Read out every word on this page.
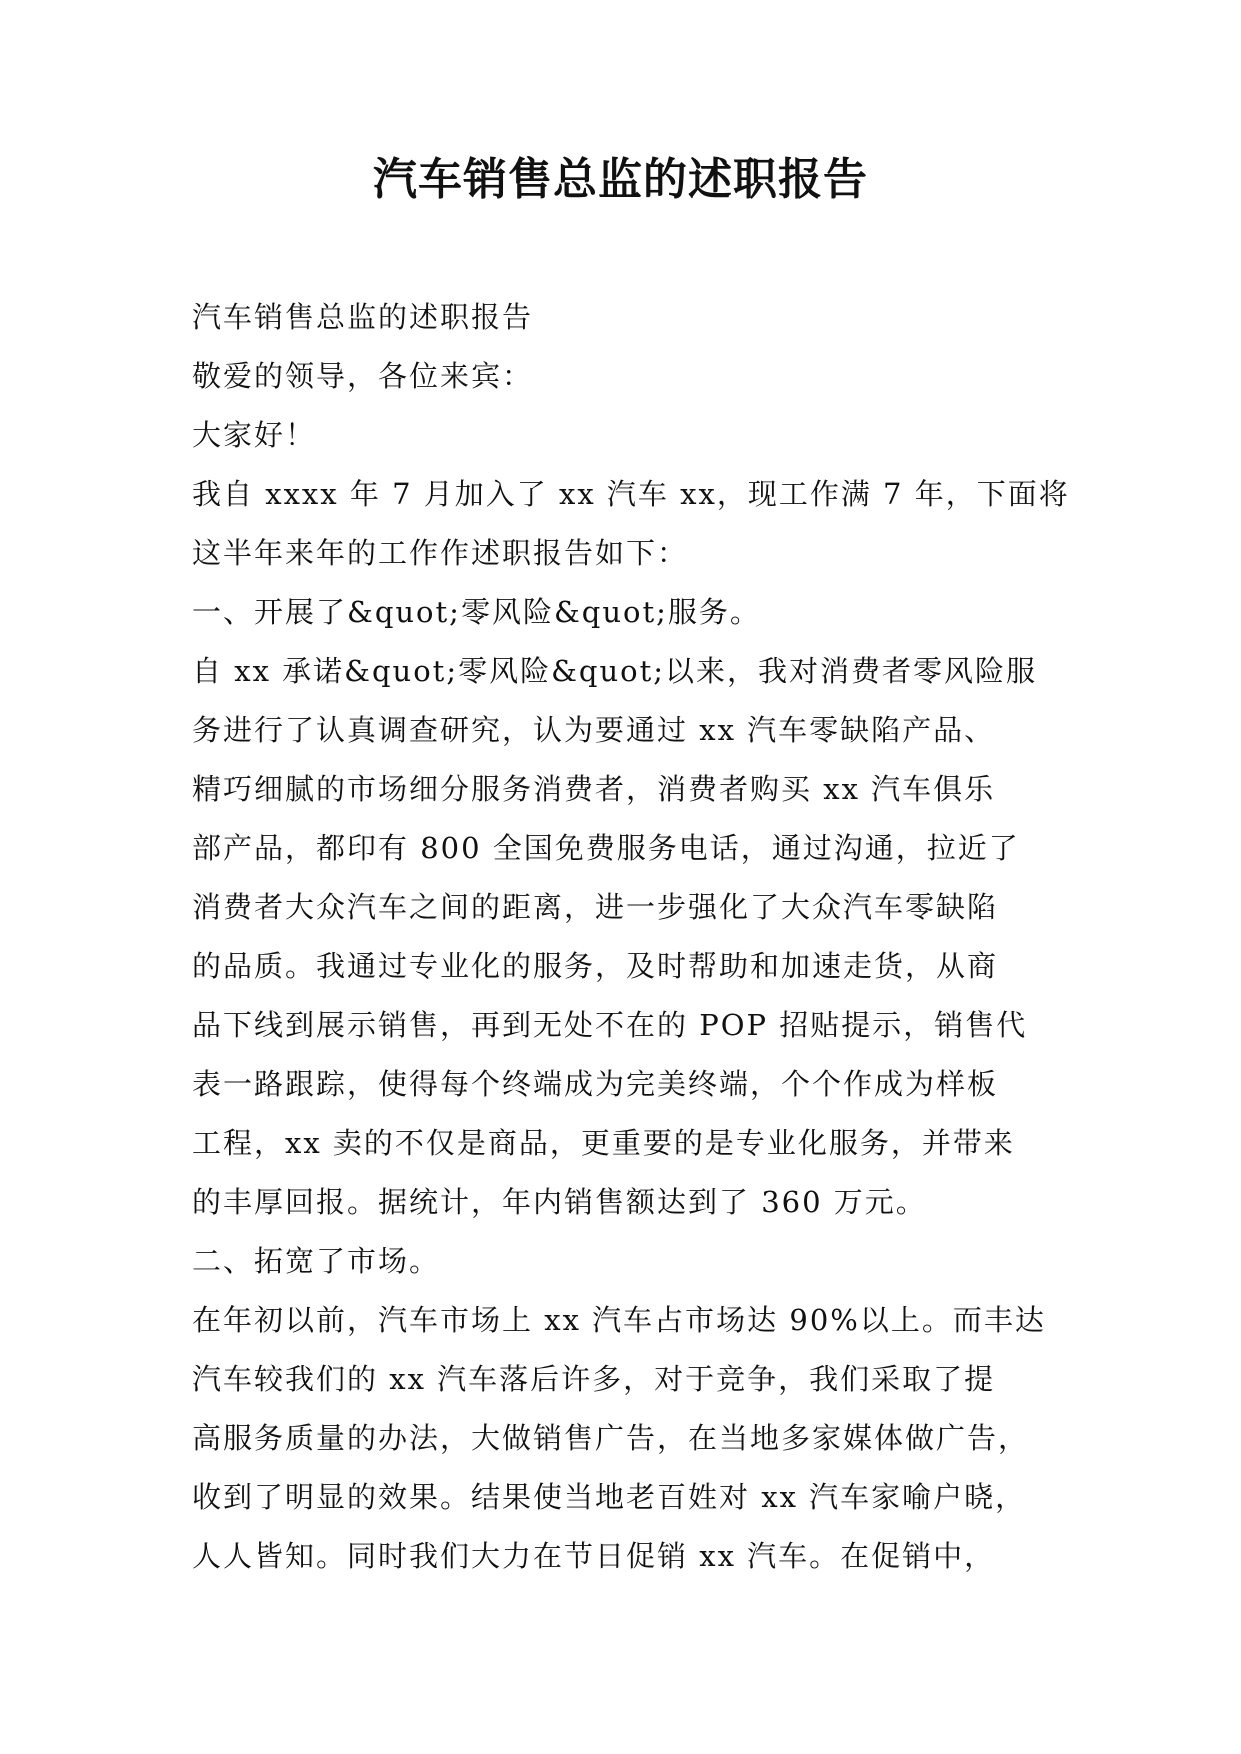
汽车销售总监的述职报告
汽车销售总监的述职报告
敬爱的领导，各位来宾：
大家好！
我自 xxxx 年 7 月加入了 xx 汽车 xx，现工作满 7 年，下面将
这半年来年的工作作述职报告如下：
一、开展了&quot;零风险&quot;服务。
自 xx 承诺&quot;零风险&quot;以来，我对消费者零风险服
务进行了认真调查研究，认为要通过 xx 汽车零缺陷产品、
精巧细腻的市场细分服务消费者，消费者购买 xx 汽车俱乐
部产品，都印有 800 全国免费服务电话，通过沟通，拉近了
消费者大众汽车之间的距离，进一步强化了大众汽车零缺陷
的品质。我通过专业化的服务，及时帮助和加速走货，从商
品下线到展示销售，再到无处不在的 POP 招贴提示，销售代
表一路跟踪，使得每个终端成为完美终端，个个作成为样板
工程，xx 卖的不仅是商品，更重要的是专业化服务，并带来
的丰厚回报。据统计，年内销售额达到了 360 万元。
二、拓宽了市场。
在年初以前，汽车市场上 xx 汽车占市场达 90%以上。而丰达
汽车较我们的 xx 汽车落后许多，对于竞争，我们采取了提
高服务质量的办法，大做销售广告，在当地多家媒体做广告，
收到了明显的效果。结果使当地老百姓对 xx 汽车家喻户晓，
人人皆知。同时我们大力在节日促销 xx 汽车。在促销中，
